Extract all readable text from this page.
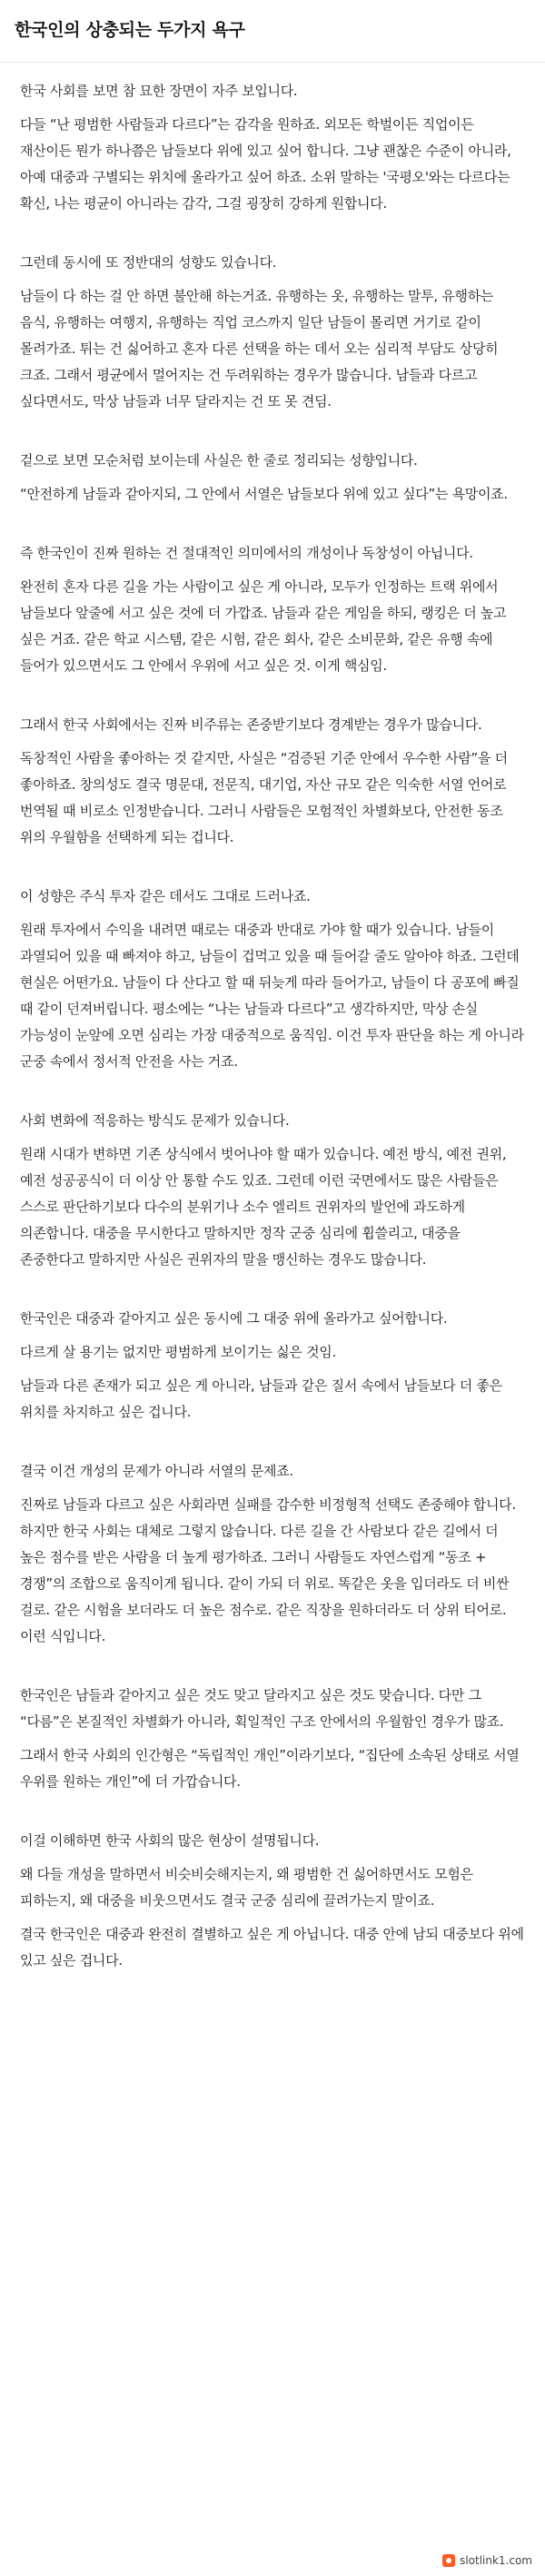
한국인의 상충되는 두가지 욕구

한국 사회를 보면 참 묘한 장면이 자주 보입니다.

다들 “난 평범한 사람들과 다르다”는 감각을 원하죠. 외모든 학벌이든 직업이든 재산이든 뭔가 하나쯤은 남들보다 위에 있고 싶어 합니다. 그냥 괜찮은 수준이 아니라, 아예 대중과 구별되는 위치에 올라가고 싶어 하죠. 소위 말하는 '국평오'와는 다르다는 확신, 나는 평균이 아니라는 감각, 그걸 굉장히 강하게 원합니다.

그런데 동시에 또 정반대의 성향도 있습니다.

남들이 다 하는 걸 안 하면 불안해 하는거죠. 유행하는 옷, 유행하는 말투, 유행하는 음식, 유행하는 여행지, 유행하는 직업 코스까지 일단 남들이 몰리면 거기로 같이 몰려가죠. 튀는 건 싫어하고 혼자 다른 선택을 하는 데서 오는 심리적 부담도 상당히 크죠. 그래서 평균에서 멀어지는 건 두려워하는 경우가 많습니다. 남들과 다르고 싶다면서도, 막상 남들과 너무 달라지는 건 또 못 견딤.

겉으로 보면 모순처럼 보이는데 사실은 한 줄로 정리되는 성향입니다.

“안전하게 남들과 같아지되, 그 안에서 서열은 남들보다 위에 있고 싶다”는 욕망이죠.

즉 한국인이 진짜 원하는 건 절대적인 의미에서의 개성이나 독창성이 아닙니다.

완전히 혼자 다른 길을 가는 사람이고 싶은 게 아니라, 모두가 인정하는 트랙 위에서 남들보다 앞줄에 서고 싶은 것에 더 가깝죠. 남들과 같은 게임을 하되, 랭킹은 더 높고 싶은 거죠. 같은 학교 시스템, 같은 시험, 같은 회사, 같은 소비문화, 같은 유행 속에 들어가 있으면서도 그 안에서 우위에 서고 싶은 것. 이게 핵심임.

그래서 한국 사회에서는 진짜 비주류는 존중받기보다 경계받는 경우가 많습니다.

독창적인 사람을 좋아하는 것 같지만, 사실은 “검증된 기준 안에서 우수한 사람”을 더 좋아하죠. 창의성도 결국 명문대, 전문직, 대기업, 자산 규모 같은 익숙한 서열 언어로 번역될 때 비로소 인정받습니다. 그러니 사람들은 모험적인 차별화보다, 안전한 동조 위의 우월함을 선택하게 되는 겁니다.

이 성향은 주식 투자 같은 데서도 그대로 드러나죠.

원래 투자에서 수익을 내려면 때로는 대중과 반대로 가야 할 때가 있습니다. 남들이 과열되어 있을 때 빠져야 하고, 남들이 겁먹고 있을 때 들어갈 줄도 알아야 하죠. 그런데 현실은 어떤가요. 남들이 다 산다고 할 때 뒤늦게 따라 들어가고, 남들이 다 공포에 빠질 때 같이 던져버립니다. 평소에는 “나는 남들과 다르다”고 생각하지만, 막상 손실 가능성이 눈앞에 오면 심리는 가장 대중적으로 움직임. 이건 투자 판단을 하는 게 아니라 군중 속에서 정서적 안전을 사는 거죠.

사회 변화에 적응하는 방식도 문제가 있습니다.

원래 시대가 변하면 기존 상식에서 벗어나야 할 때가 있습니다. 예전 방식, 예전 권위, 예전 성공공식이 더 이상 안 통할 수도 있죠. 그런데 이런 국면에서도 많은 사람들은 스스로 판단하기보다 다수의 분위기나 소수 엘리트 권위자의 발언에 과도하게 의존합니다. 대중을 무시한다고 말하지만 정작 군중 심리에 휩쓸리고, 대중을 존중한다고 말하지만 사실은 권위자의 말을 맹신하는 경우도 많습니다.

한국인은 대중과 같아지고 싶은 동시에 그 대중 위에 올라가고 싶어합니다.

다르게 살 용기는 없지만 평범하게 보이기는 싫은 것임.

남들과 다른 존재가 되고 싶은 게 아니라, 남들과 같은 질서 속에서 남들보다 더 좋은 위치를 차지하고 싶은 겁니다.

결국 이건 개성의 문제가 아니라 서열의 문제죠.

진짜로 남들과 다르고 싶은 사회라면 실패를 감수한 비정형적 선택도 존중해야 합니다. 하지만 한국 사회는 대체로 그렇지 않습니다. 다른 길을 간 사람보다 같은 길에서 더 높은 점수를 받은 사람을 더 높게 평가하죠. 그러니 사람들도 자연스럽게 “동조 + 경쟁”의 조합으로 움직이게 됩니다. 같이 가되 더 위로. 똑같은 옷을 입더라도 더 비싼 걸로. 같은 시험을 보더라도 더 높은 점수로. 같은 직장을 원하더라도 더 상위 티어로. 이런 식입니다.

한국인은 남들과 같아지고 싶은 것도 맞고 달라지고 싶은 것도 맞습니다. 다만 그 “다름”은 본질적인 차별화가 아니라, 획일적인 구조 안에서의 우월함인 경우가 많죠.

그래서 한국 사회의 인간형은 “독립적인 개인”이라기보다, “집단에 소속된 상태로 서열 우위를 원하는 개인”에 더 가깝습니다.

이걸 이해하면 한국 사회의 많은 현상이 설명됩니다.

왜 다들 개성을 말하면서 비슷비슷해지는지, 왜 평범한 건 싫어하면서도 모험은 피하는지, 왜 대중을 비웃으면서도 결국 군중 심리에 끌려가는지 말이죠.

결국 한국인은 대중과 완전히 결별하고 싶은 게 아닙니다. 대중 안에 남되 대중보다 위에 있고 싶은 겁니다.

slotlink1.com
